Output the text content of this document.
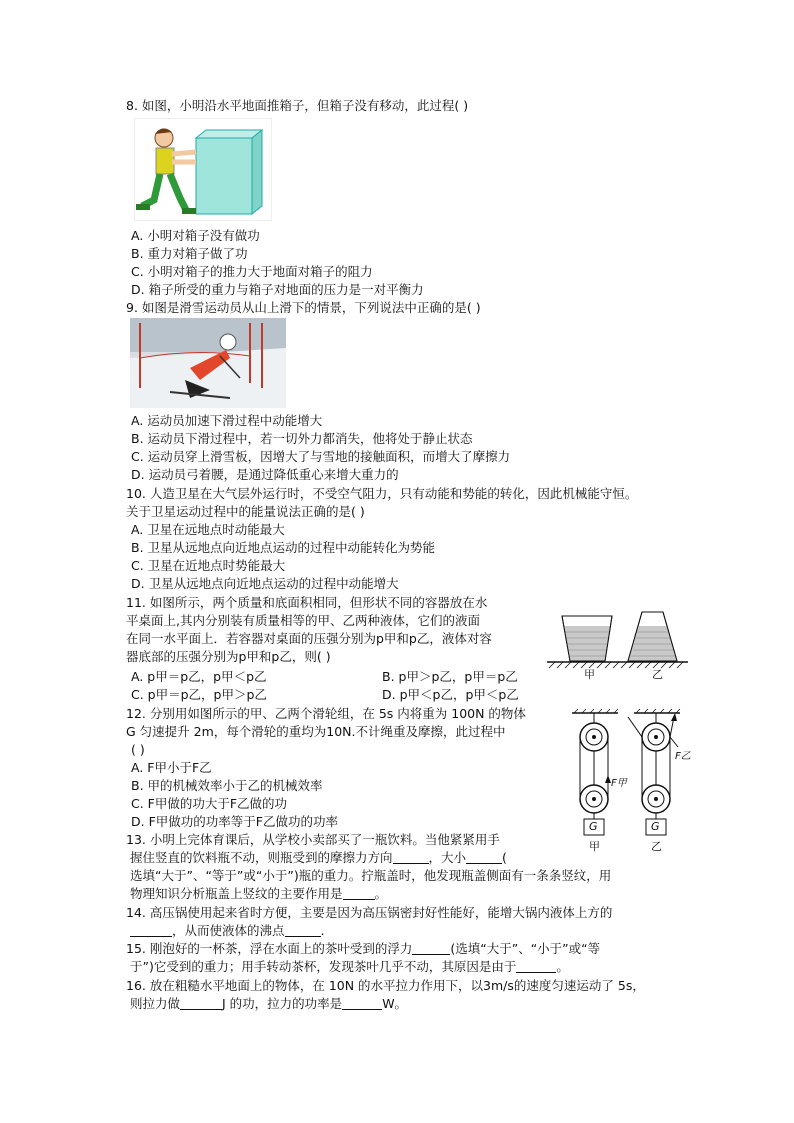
8. 如图，小明沿水平地面推箱子，但箱子没有移动，此过程( )
A. 小明对箱子没有做功
B. 重力对箱子做了功
C. 小明对箱子的推力大于地面对箱子的阻力
D. 箱子所受的重力与箱子对地面的压力是一对平衡力
9. 如图是滑雪运动员从山上滑下的情景，下列说法中正确的是( )
A. 运动员加速下滑过程中动能增大
B. 运动员下滑过程中，若一切外力都消失，他将处于静止状态
C. 运动员穿上滑雪板，因增大了与雪地的接触面积，而增大了摩擦力
D. 运动员弓着腰，是通过降低重心来增大重力的
10. 人造卫星在大气层外运行时，不受空气阻力，只有动能和势能的转化，因此机械能守恒。
关于卫星运动过程中的能量说法正确的是( )
A. 卫星在远地点时动能最大
B. 卫星从远地点向近地点运动的过程中动能转化为势能
C. 卫星在近地点时势能最大
D. 卫星从远地点向近地点运动的过程中动能增大
11. 如图所示，两个质量和底面积相同，但形状不同的容器放在水
平桌面上,其内分别装有质量相等的甲、乙两种液体，它们的液面
在同一水平面上．若容器对桌面的压强分别为p甲和p乙，液体对容
器底部的压强分别为p甲和p乙，则( )
A. p甲＝p乙，p甲＜p乙	B. p甲＞p乙，p甲＝p乙
C. p甲＝p乙，p甲＞p乙	D. p甲＜p乙，p甲＜p乙
甲	乙
12. 分别用如图所示的甲、乙两个滑轮组，在 5s 内将重为 100N 的物体
G 匀速提升 2m，每个滑轮的重均为10N.不计绳重及摩擦，此过程中
( )
A. F甲小于F乙
B. 甲的机械效率小于乙的机械效率
C. F甲做的功大于F乙做的功
D. F甲做功的功率等于F乙做功的功率
F甲
F乙
G	G
甲	乙
13. 小明上完体育课后，从学校小卖部买了一瓶饮料。当他紧紧用手
握住竖直的饮料瓶不动，则瓶受到的摩擦力方向	，大小	(
选填“大于”、“等于”或“小于”)瓶的重力。拧瓶盖时，他发现瓶盖侧面有一条条竖纹，用
物理知识分析瓶盖上竖纹的主要作用是	。
14. 高压锅使用起来省时方便，主要是因为高压锅密封好性能好，能增大锅内液体上方的
，从而使液体的沸点	.
15. 刚泡好的一杯茶，浮在水面上的茶叶受到的浮力	(选填“大于”、“小于”或“等
于”)它受到的重力；用手转动茶杯，发现茶叶几乎不动，其原因是由于	。
16. 放在粗糙水平地面上的物体，在 10N 的水平拉力作用下，以3m/s的速度匀速运动了 5s，
则拉力做	J 的功，拉力的功率是	W。
